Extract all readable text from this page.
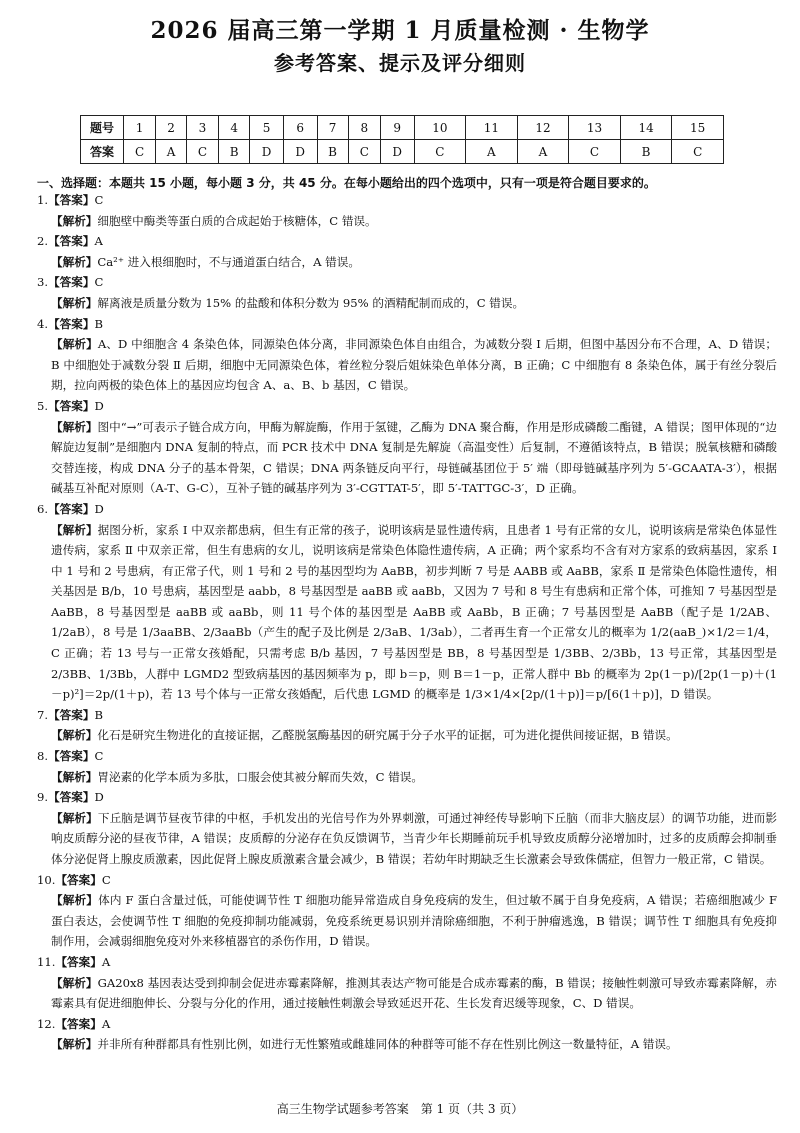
2026 届高三第一学期 1 月质量检测 · 生物学
参考答案、提示及评分细则
题号	1	2	3	4	5	6	7	8	9	10	11	12	13	14	15
答案	C	A	C	B	D	D	B	C	D	C	A	A	C	B	C
一、选择题：本题共 15 小题，每小题 3 分，共 45 分。在每小题给出的四个选项中，只有一项是符合题目要求的。

1.【答案】C

【解析】细胞壁中酶类等蛋白质的合成起始于核糖体，C 错误。

2.【答案】A

【解析】Ca²⁺ 进入根细胞时，不与通道蛋白结合，A 错误。

3.【答案】C

【解析】解离液是质量分数为 15% 的盐酸和体积分数为 95% 的酒精配制而成的，C 错误。

4.【答案】B

【解析】A、D 中细胞含 4 条染色体，同源染色体分离，非同源染色体自由组合，为减数分裂 Ⅰ 后期，但图中基因分布不合理，A、D 错误；B 中细胞处于减数分裂 Ⅱ 后期，细胞中无同源染色体，着丝粒分裂后姐妹染色单体分离，B 正确；C 中细胞有 8 条染色体，属于有丝分裂后期，拉向两极的染色体上的基因应均包含 A、a、B、b 基因，C 错误。

5.【答案】D

【解析】图中“→”可表示子链合成方向，甲酶为解旋酶，作用于氢键，乙酶为 DNA 聚合酶，作用是形成磷酸二酯键，A 错误；图甲体现的“边解旋边复制”是细胞内 DNA 复制的特点，而 PCR 技术中 DNA 复制是先解旋（高温变性）后复制，不遵循该特点，B 错误；脱氧核糖和磷酸交替连接，构成 DNA 分子的基本骨架，C 错误；DNA 两条链反向平行，母链碱基团位于 5′ 端（即母链碱基序列为 5′-GCAATA-3′），根据碱基互补配对原则（A-T、G-C），互补子链的碱基序列为 3′-CGTTAT-5′，即 5′-TATTGC-3′，D 正确。

6.【答案】D

【解析】据图分析，家系 Ⅰ 中双亲都患病，但生有正常的孩子，说明该病是显性遗传病，且患者 1 号有正常的女儿，说明该病是常染色体显性遗传病，家系 Ⅱ 中双亲正常，但生有患病的女儿，说明该病是常染色体隐性遗传病，A 正确；两个家系均不含有对方家系的致病基因，家系 Ⅰ 中 1 号和 2 号患病，有正常子代，则 1 号和 2 号的基因型均为 AaBB，初步判断 7 号是 AABB 或 AaBB，家系 Ⅱ 是常染色体隐性遗传，相关基因是 B/b，10 号患病，基因型是 aabb，8 号基因型是 aaBB 或 aaBb，又因为 7 号和 8 号生有患病和正常个体，可推知 7 号基因型是 AaBB，8 号基因型是 aaBB 或 aaBb，则 11 号个体的基因型是 AaBB 或 AaBb，B 正确；7 号基因型是 AaBB（配子是 1/2AB、1/2aB），8 号是 1/3aaBB、2/3aaBb（产生的配子及比例是 2/3aB、1/3ab），二者再生育一个正常女儿的概率为 1/2(aaB_)×1/2＝1/4，C 正确；若 13 号与一正常女孩婚配，只需考虑 B/b 基因，7 号基因型是 BB，8 号基因型是 1/3BB、2/3Bb，13 号正常，其基因型是 2/3BB、1/3Bb，人群中 LGMD2 型致病基因的基因频率为 p，即 b＝p，则 B＝1－p，正常人群中 Bb 的概率为 2p(1－p)/[2p(1－p)＋(1－p)²]＝2p/(1＋p)，若 13 号个体与一正常女孩婚配，后代患 LGMD 的概率是 1/3×1/4×[2p/(1＋p)]＝p/[6(1＋p)]，D 错误。

7.【答案】B

【解析】化石是研究生物进化的直接证据，乙醛脱氢酶基因的研究属于分子水平的证据，可为进化提供间接证据，B 错误。

8.【答案】C

【解析】胃泌素的化学本质为多肽，口服会使其被分解而失效，C 错误。

9.【答案】D

【解析】下丘脑是调节昼夜节律的中枢，手机发出的光信号作为外界刺激，可通过神经传导影响下丘脑（而非大脑皮层）的调节功能，进而影响皮质醇分泌的昼夜节律，A 错误；皮质醇的分泌存在负反馈调节，当青少年长期睡前玩手机导致皮质醇分泌增加时，过多的皮质醇会抑制垂体分泌促肾上腺皮质激素，因此促肾上腺皮质激素含量会减少，B 错误；若幼年时期缺乏生长激素会导致侏儒症，但智力一般正常，C 错误。

10.【答案】C

【解析】体内 F 蛋白含量过低，可能使调节性 T 细胞功能异常造成自身免疫病的发生，但过敏不属于自身免疫病，A 错误；若癌细胞减少 F 蛋白表达，会使调节性 T 细胞的免疫抑制功能减弱，免疫系统更易识别并清除癌细胞，不利于肿瘤逃逸，B 错误；调节性 T 细胞具有免疫抑制作用，会减弱细胞免疫对外来移植器官的杀伤作用，D 错误。

11.【答案】A

【解析】GA20x8 基因表达受到抑制会促进赤霉素降解，推测其表达产物可能是合成赤霉素的酶，B 错误；接触性刺激可导致赤霉素降解，赤霉素具有促进细胞伸长、分裂与分化的作用，通过接触性刺激会导致延迟开花、生长发育迟缓等现象，C、D 错误。

12.【答案】A

【解析】并非所有种群都具有性别比例，如进行无性繁殖或雌雄同体的种群等可能不存在性别比例这一数量特征，A 错误。

高三生物学试题参考答案　第 1 页（共 3 页）
